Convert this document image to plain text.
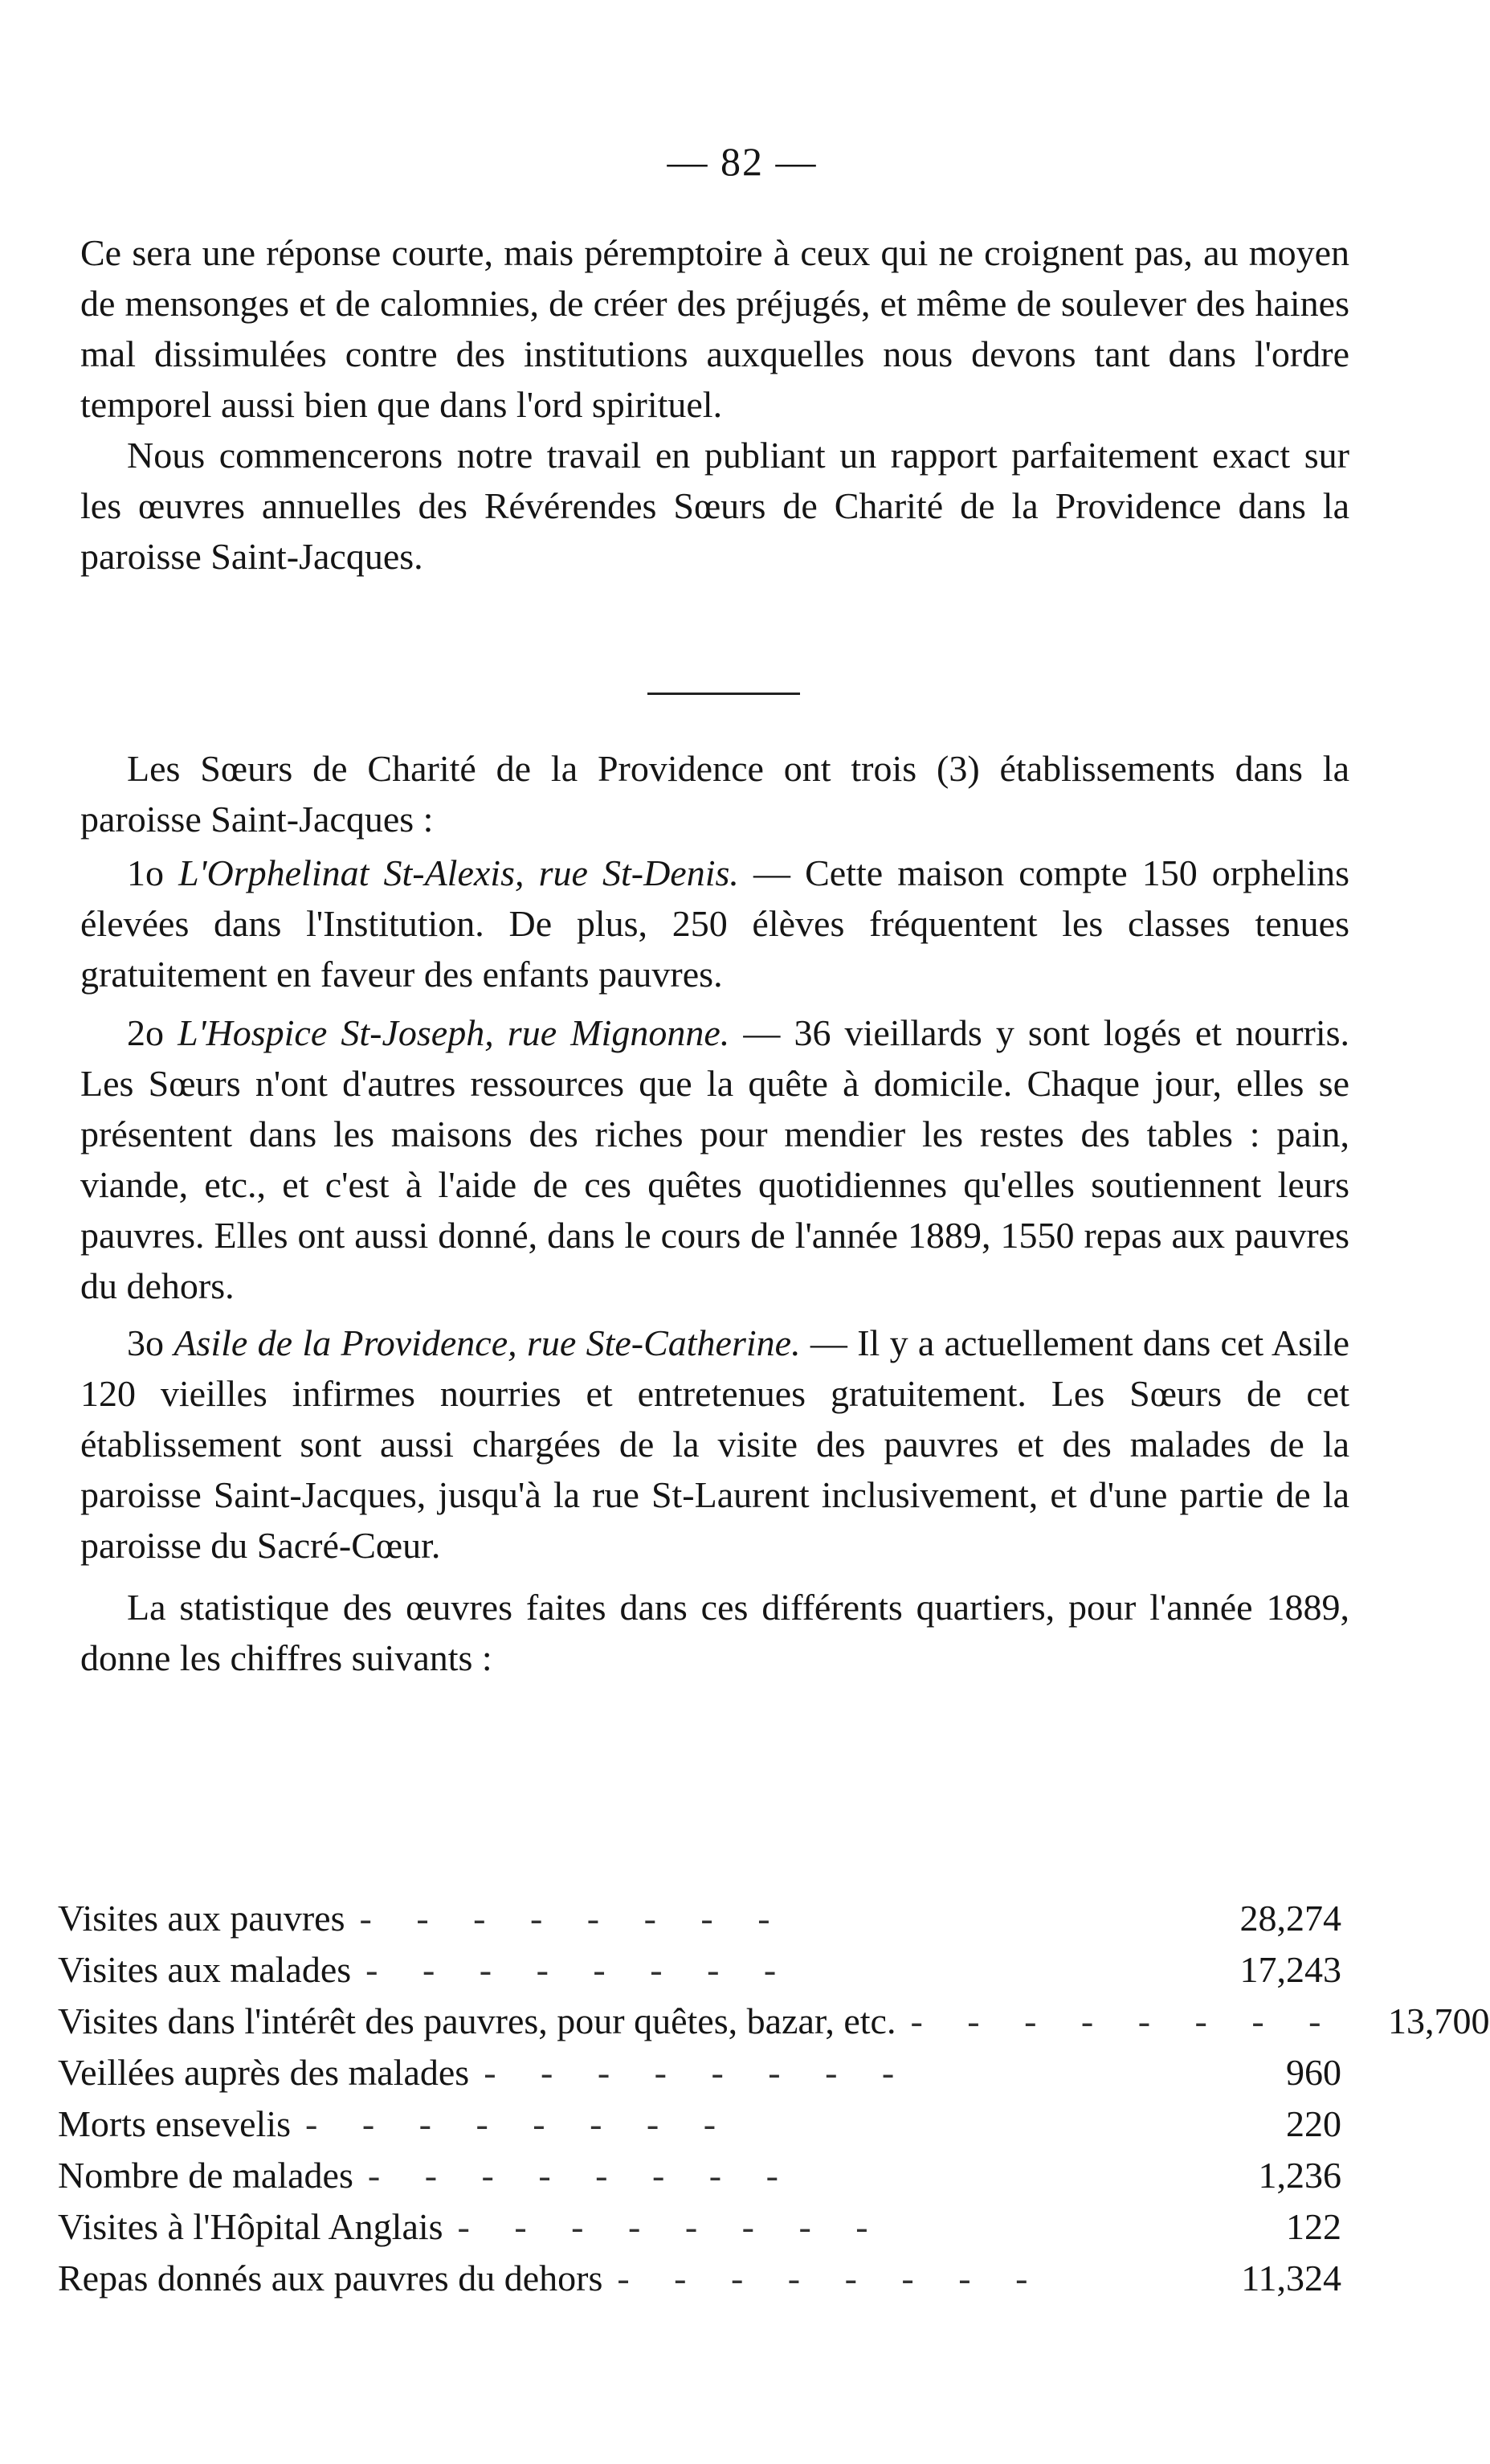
— 82 —

Ce sera une réponse courte, mais péremptoire à ceux qui ne croignent pas, au moyen de mensonges et de calomnies, de créer des préjugés, et même de soulever des haines mal dissimulées contre des institutions auxquelles nous devons tant dans l'ordre temporel aussi bien que dans l'ord spirituel.

Nous commencerons notre travail en publiant un rapport parfaitement exact sur les œuvres annuelles des Révérendes Sœurs de Charité de la Providence dans la paroisse Saint-Jacques.

Les Sœurs de Charité de la Providence ont trois (3) établissements dans la paroisse Saint-Jacques :

1o L'Orphelinat St-Alexis, rue St-Denis. — Cette maison compte 150 orphelins élevées dans l'Institution. De plus, 250 élèves fréquentent les classes tenues gratuitement en faveur des enfants pauvres.

2o L'Hospice St-Joseph, rue Mignonne. — 36 vieillards y sont logés et nourris. Les Sœurs n'ont d'autres ressources que la quête à domicile. Chaque jour, elles se présentent dans les maisons des riches pour mendier les restes des tables : pain, viande, etc., et c'est à l'aide de ces quêtes quotidiennes qu'elles soutiennent leurs pauvres. Elles ont aussi donné, dans le cours de l'année 1889, 1550 repas aux pauvres du dehors.

3o Asile de la Providence, rue Ste-Catherine. — Il y a actuellement dans cet Asile 120 vieilles infirmes nourries et entretenues gratuitement. Les Sœurs de cet établissement sont aussi chargées de la visite des pauvres et des malades de la paroisse Saint-Jacques, jusqu'à la rue St-Laurent inclusivement, et d'une partie de la paroisse du Sacré-Cœur.

La statistique des œuvres faites dans ces différents quartiers, pour l'année 1889, donne les chiffres suivants :

Visites aux pauvres - - - - - - - -	28,274
Visites aux malades - - - - - - - -	17,243
Visites dans l'intérêt des pauvres, pour quêtes, bazar, etc. - - - - - - - -	13,700
Veillées auprès des malades - - - - - - - -	960
Morts ensevelis - - - - - - - -	220
Nombre de malades - - - - - - - -	1,236
Visites à l'Hôpital Anglais - - - - - - - -	122
Repas donnés aux pauvres du dehors - - - - - - - -	11,324
